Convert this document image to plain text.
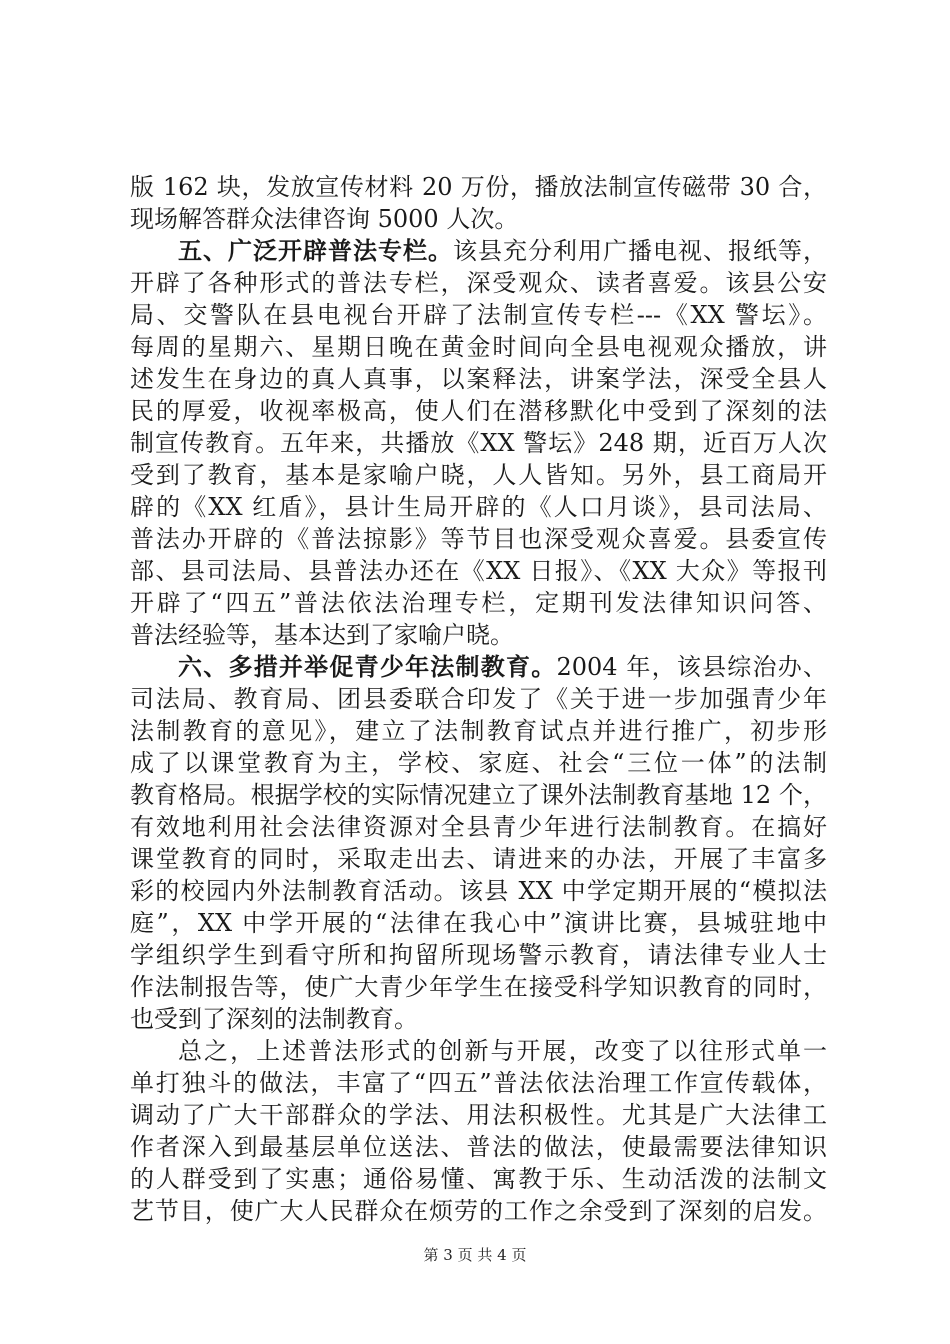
版 162 块，发放宣传材料 20 万份，播放法制宣传磁带 30 合，
现场解答群众法律咨询 5000 人次。
五、广泛开辟普法专栏。该县充分利用广播电视、报纸等，
开辟了各种形式的普法专栏，深受观众、读者喜爱。该县公安
局、交警队在县电视台开辟了法制宣传专栏---《XX 警坛》。
每周的星期六、星期日晚在黄金时间向全县电视观众播放，讲
述发生在身边的真人真事，以案释法，讲案学法，深受全县人
民的厚爱，收视率极高，使人们在潜移默化中受到了深刻的法
制宣传教育。五年来，共播放《XX 警坛》248 期，近百万人次
受到了教育，基本是家喻户晓，人人皆知。另外，县工商局开
辟的《XX 红盾》，县计生局开辟的《人口月谈》，县司法局、
普法办开辟的《普法掠影》等节目也深受观众喜爱。县委宣传
部、县司法局、县普法办还在《XX 日报》、《XX 大众》等报刊
开辟了“四五”普法依法治理专栏，定期刊发法律知识问答、
普法经验等，基本达到了家喻户晓。
六、多措并举促青少年法制教育。2004 年，该县综治办、
司法局、教育局、团县委联合印发了《关于进一步加强青少年
法制教育的意见》，建立了法制教育试点并进行推广，初步形
成了以课堂教育为主，学校、家庭、社会“三位一体”的法制
教育格局。根据学校的实际情况建立了课外法制教育基地 12 个，
有效地利用社会法律资源对全县青少年进行法制教育。在搞好
课堂教育的同时，采取走出去、请进来的办法，开展了丰富多
彩的校园内外法制教育活动。该县 XX 中学定期开展的“模拟法
庭”，XX 中学开展的“法律在我心中”演讲比赛，县城驻地中
学组织学生到看守所和拘留所现场警示教育，请法律专业人士
作法制报告等，使广大青少年学生在接受科学知识教育的同时，
也受到了深刻的法制教育。
总之，上述普法形式的创新与开展，改变了以往形式单一
单打独斗的做法，丰富了“四五”普法依法治理工作宣传载体，
调动了广大干部群众的学法、用法积极性。尤其是广大法律工
作者深入到最基层单位送法、普法的做法，使最需要法律知识
的人群受到了实惠；通俗易懂、寓教于乐、生动活泼的法制文
艺节目，使广大人民群众在烦劳的工作之余受到了深刻的启发。
第 3 页 共 4 页
